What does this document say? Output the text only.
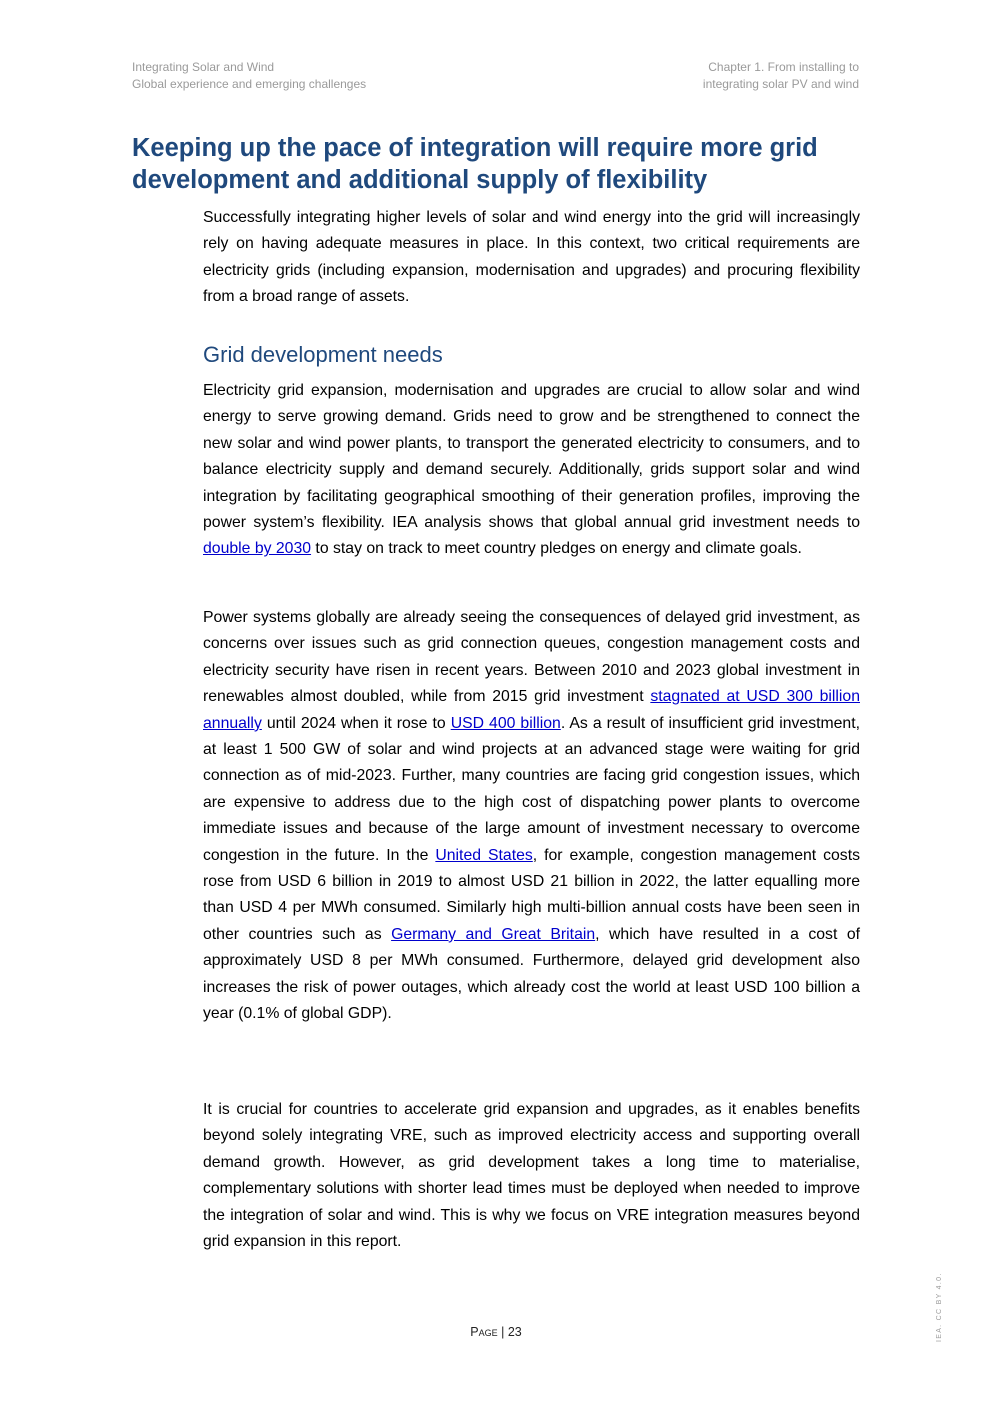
Integrating Solar and Wind
Global experience and emerging challenges
Chapter 1. From installing to
integrating solar PV and wind
Keeping up the pace of integration will require more grid development and additional supply of flexibility

Successfully integrating higher levels of solar and wind energy into the grid will increasingly rely on having adequate measures in place. In this context, two critical requirements are electricity grids (including expansion, modernisation and upgrades) and procuring flexibility from a broad range of assets.

Grid development needs

Electricity grid expansion, modernisation and upgrades are crucial to allow solar and wind energy to serve growing demand. Grids need to grow and be strengthened to connect the new solar and wind power plants, to transport the generated electricity to consumers, and to balance electricity supply and demand securely. Additionally, grids support solar and wind integration by facilitating geographical smoothing of their generation profiles, improving the power system’s flexibility. IEA analysis shows that global annual grid investment needs to double by 2030 to stay on track to meet country pledges on energy and climate goals.

Power systems globally are already seeing the consequences of delayed grid investment, as concerns over issues such as grid connection queues, congestion management costs and electricity security have risen in recent years. Between 2010 and 2023 global investment in renewables almost doubled, while from 2015 grid investment stagnated at USD 300 billion annually until 2024 when it rose to USD 400 billion. As a result of insufficient grid investment, at least 1 500 GW of solar and wind projects at an advanced stage were waiting for grid connection as of mid-2023. Further, many countries are facing grid congestion issues, which are expensive to address due to the high cost of dispatching power plants to overcome immediate issues and because of the large amount of investment necessary to overcome congestion in the future. In the United States, for example, congestion management costs rose from USD 6 billion in 2019 to almost USD 21 billion in 2022, the latter equalling more than USD 4 per MWh consumed. Similarly high multi-billion annual costs have been seen in other countries such as Germany and Great Britain, which have resulted in a cost of approximately USD 8 per MWh consumed. Furthermore, delayed grid development also increases the risk of power outages, which already cost the world at least USD 100 billion a year (0.1% of global GDP).

It is crucial for countries to accelerate grid expansion and upgrades, as it enables benefits beyond solely integrating VRE, such as improved electricity access and supporting overall demand growth. However, as grid development takes a long time to materialise, complementary solutions with shorter lead times must be deployed when needed to improve the integration of solar and wind. This is why we focus on VRE integration measures beyond grid expansion in this report.

Page | 23	IEA. CC BY 4.0.
